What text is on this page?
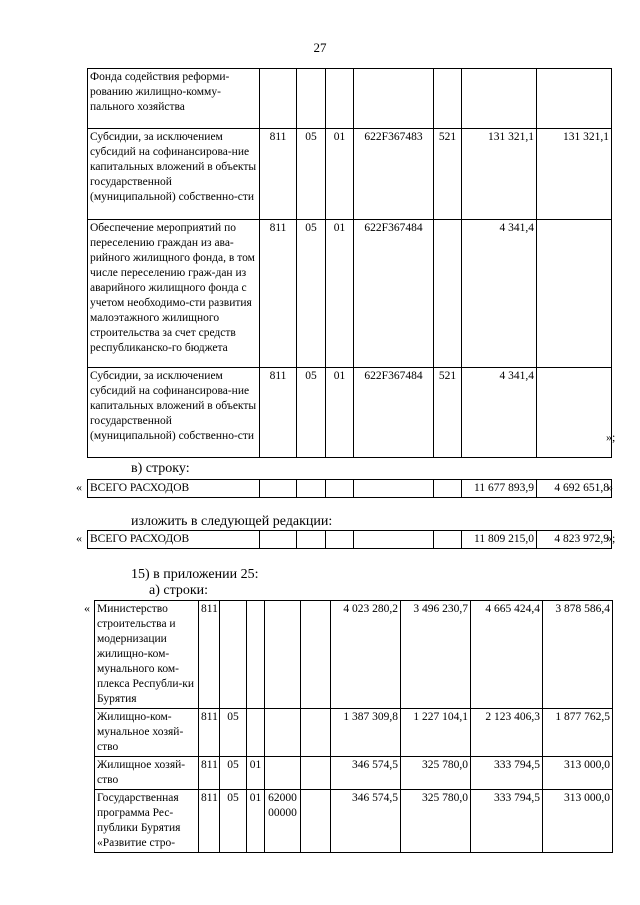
27
Фонда содействия реформи-рованию жилищно-комму-пального хозяйства							
Субсидии, за исключением субсидий на софинансирова-ние капитальных вложений в объекты государственной (муниципальной) собственно-сти	811	05	01	622F367483	521	131 321,1	131 321,1
Обеспечение мероприятий по переселению граждан из ава-рийного жилищного фонда, в том числе переселению граж-дан из аварийного жилищного фонда с учетом необходимо-сти развития малоэтажного жилищного строительства за счет средств республиканско-го бюджета	811	05	01	622F367484		4 341,4	
Субсидии, за исключением субсидий на софинансирова-ние капитальных вложений в объекты государственной (муниципальной) собственно-сти	811	05	01	622F367484	521	4 341,4	
»;
в) строку:
« ВСЕГО РАСХОДОВ						11 677 893,9	4 692 651,8
»
изложить в следующей редакции:
« ВСЕГО РАСХОДОВ						11 809 215,0	4 823 972,9
»;
15) в приложении 25:
а) строки:
« Министерство строительства и модернизации жилищно-ком-мунального ком-плекса Республи-ки Бурятия	811					4 023 280,2	3 496 230,7	4 665 424,4	3 878 586,4
Жилищно-ком-мунальное хозяй-ство	811	05				1 387 309,8	1 227 104,1	2 123 406,3	1 877 762,5
Жилищное хозяй-ство	811	05	01			346 574,5	325 780,0	333 794,5	313 000,0
Государственная программа Рес-публики Бурятия «Развитие стро-	811	05	01	62000 00000		346 574,5	325 780,0	333 794,5	313 000,0
